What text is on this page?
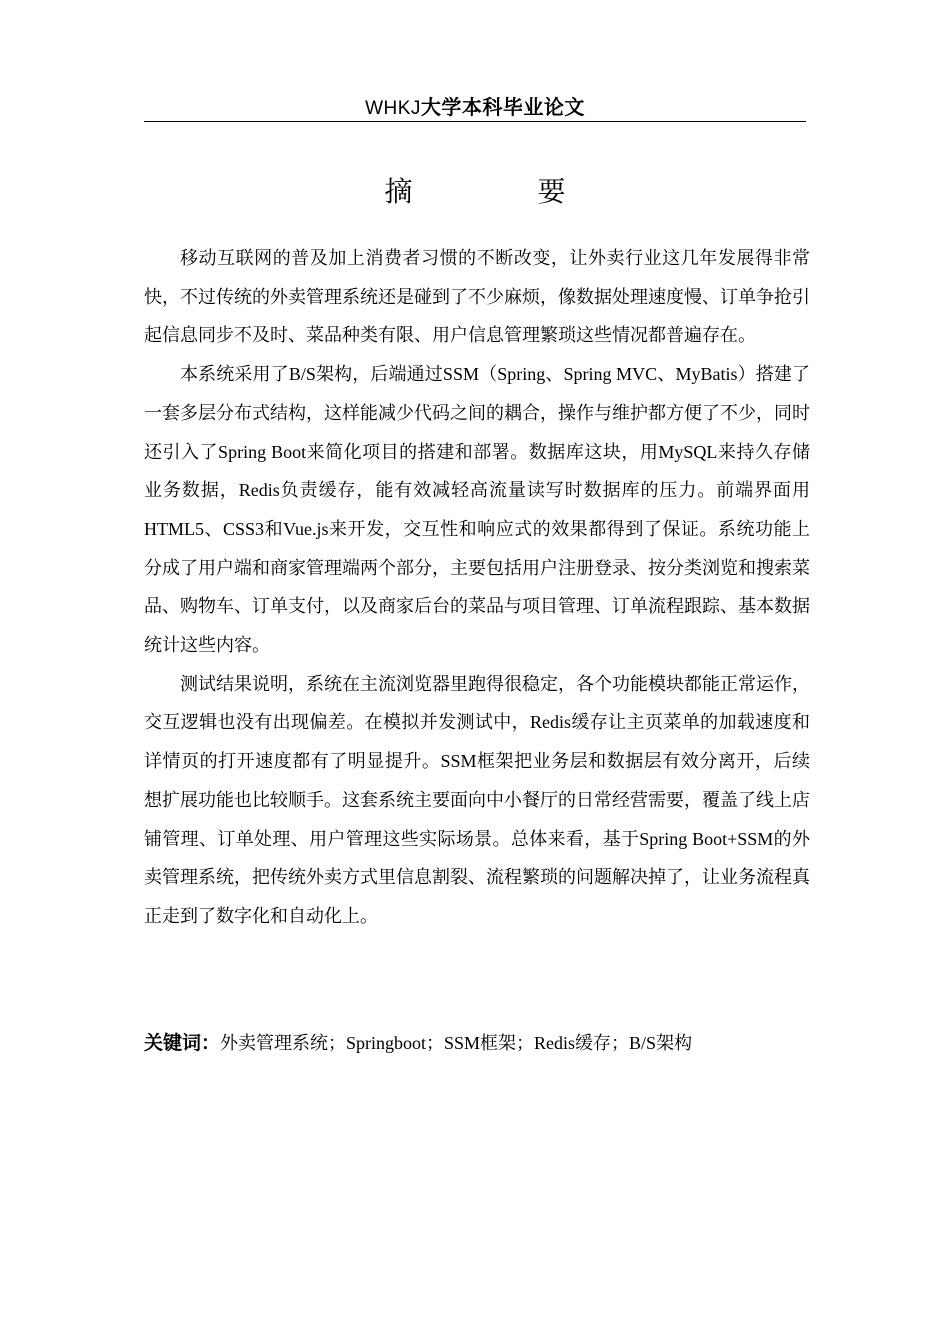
WHKJ大学本科毕业论文
摘 要

移动互联网的普及加上消费者习惯的不断改变，让外卖行业这几年发展得非常快，不过传统的外卖管理系统还是碰到了不少麻烦，像数据处理速度慢、订单争抢引起信息同步不及时、菜品种类有限、用户信息管理繁琐这些情况都普遍存在。

本系统采用了B/S架构，后端通过SSM（Spring、Spring MVC、MyBatis）搭建了一套多层分布式结构，这样能减少代码之间的耦合，操作与维护都方便了不少，同时还引入了Spring Boot来简化项目的搭建和部署。数据库这块，用MySQL来持久存储业务数据，Redis负责缓存，能有效减轻高流量读写时数据库的压力。前端界面用HTML5、CSS3和Vue.js来开发，交互性和响应式的效果都得到了保证。系统功能上分成了用户端和商家管理端两个部分，主要包括用户注册登录、按分类浏览和搜索菜品、购物车、订单支付，以及商家后台的菜品与项目管理、订单流程跟踪、基本数据统计这些内容。

测试结果说明，系统在主流浏览器里跑得很稳定，各个功能模块都能正常运作，交互逻辑也没有出现偏差。在模拟并发测试中，Redis缓存让主页菜单的加载速度和详情页的打开速度都有了明显提升。SSM框架把业务层和数据层有效分离开，后续想扩展功能也比较顺手。这套系统主要面向中小餐厅的日常经营需要，覆盖了线上店铺管理、订单处理、用户管理这些实际场景。总体来看，基于Spring Boot+SSM的外卖管理系统，把传统外卖方式里信息割裂、流程繁琐的问题解决掉了，让业务流程真正走到了数字化和自动化上。

关键词：外卖管理系统；Springboot；SSM框架；Redis缓存；B/S架构
